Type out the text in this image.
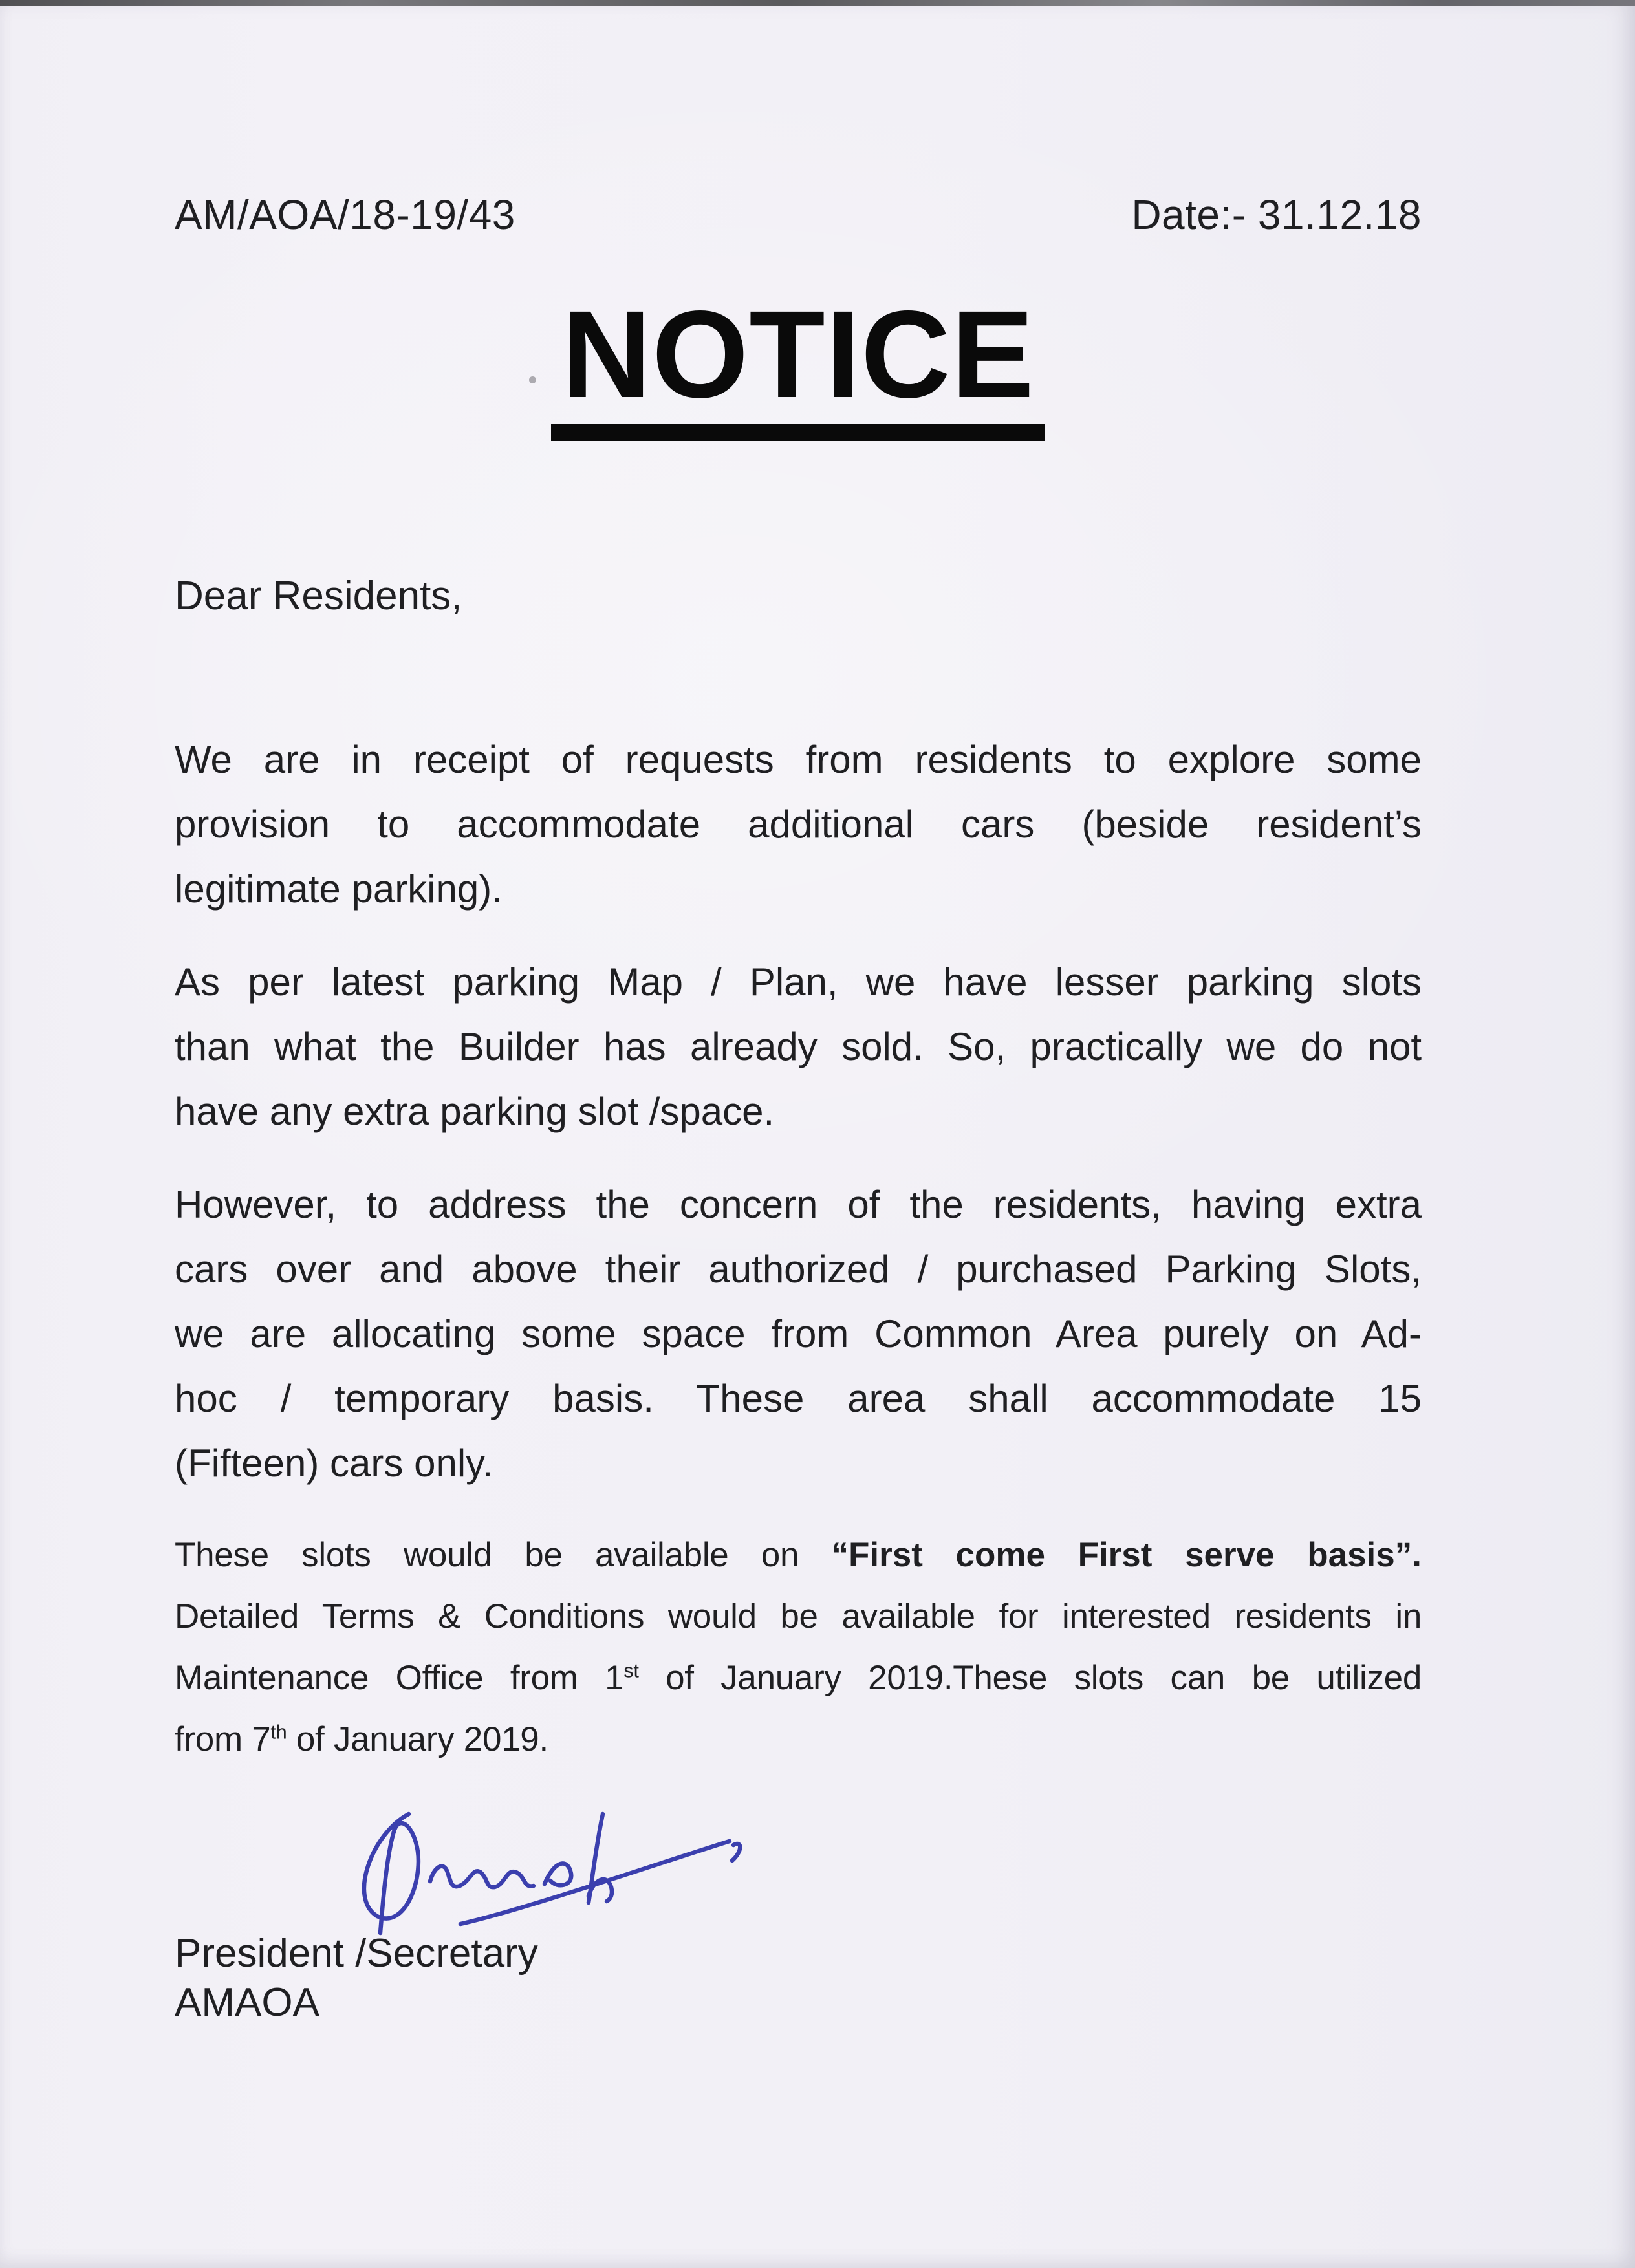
AM/AOA/18-19/43	Date:- 31.12.18
NOTICE
Dear Residents,
We are in receipt of requests from residents to explore some
provision to accommodate additional cars (beside resident’s
legitimate parking).
As per latest parking Map / Plan, we have lesser parking slots
than what the Builder has already sold. So, practically we do not
have any extra parking slot /space.
However, to address the concern of the residents, having extra
cars over and above their authorized / purchased Parking Slots,
we are allocating some space from Common Area purely on Ad-
hoc / temporary basis. These area shall accommodate 15
(Fifteen) cars only.
These slots would be available on “First come First serve basis”.
Detailed Terms & Conditions would be available for interested residents in
Maintenance Office from 1st of January 2019.These slots can be utilized
from 7th of January 2019.
President /Secretary
AMAOA
